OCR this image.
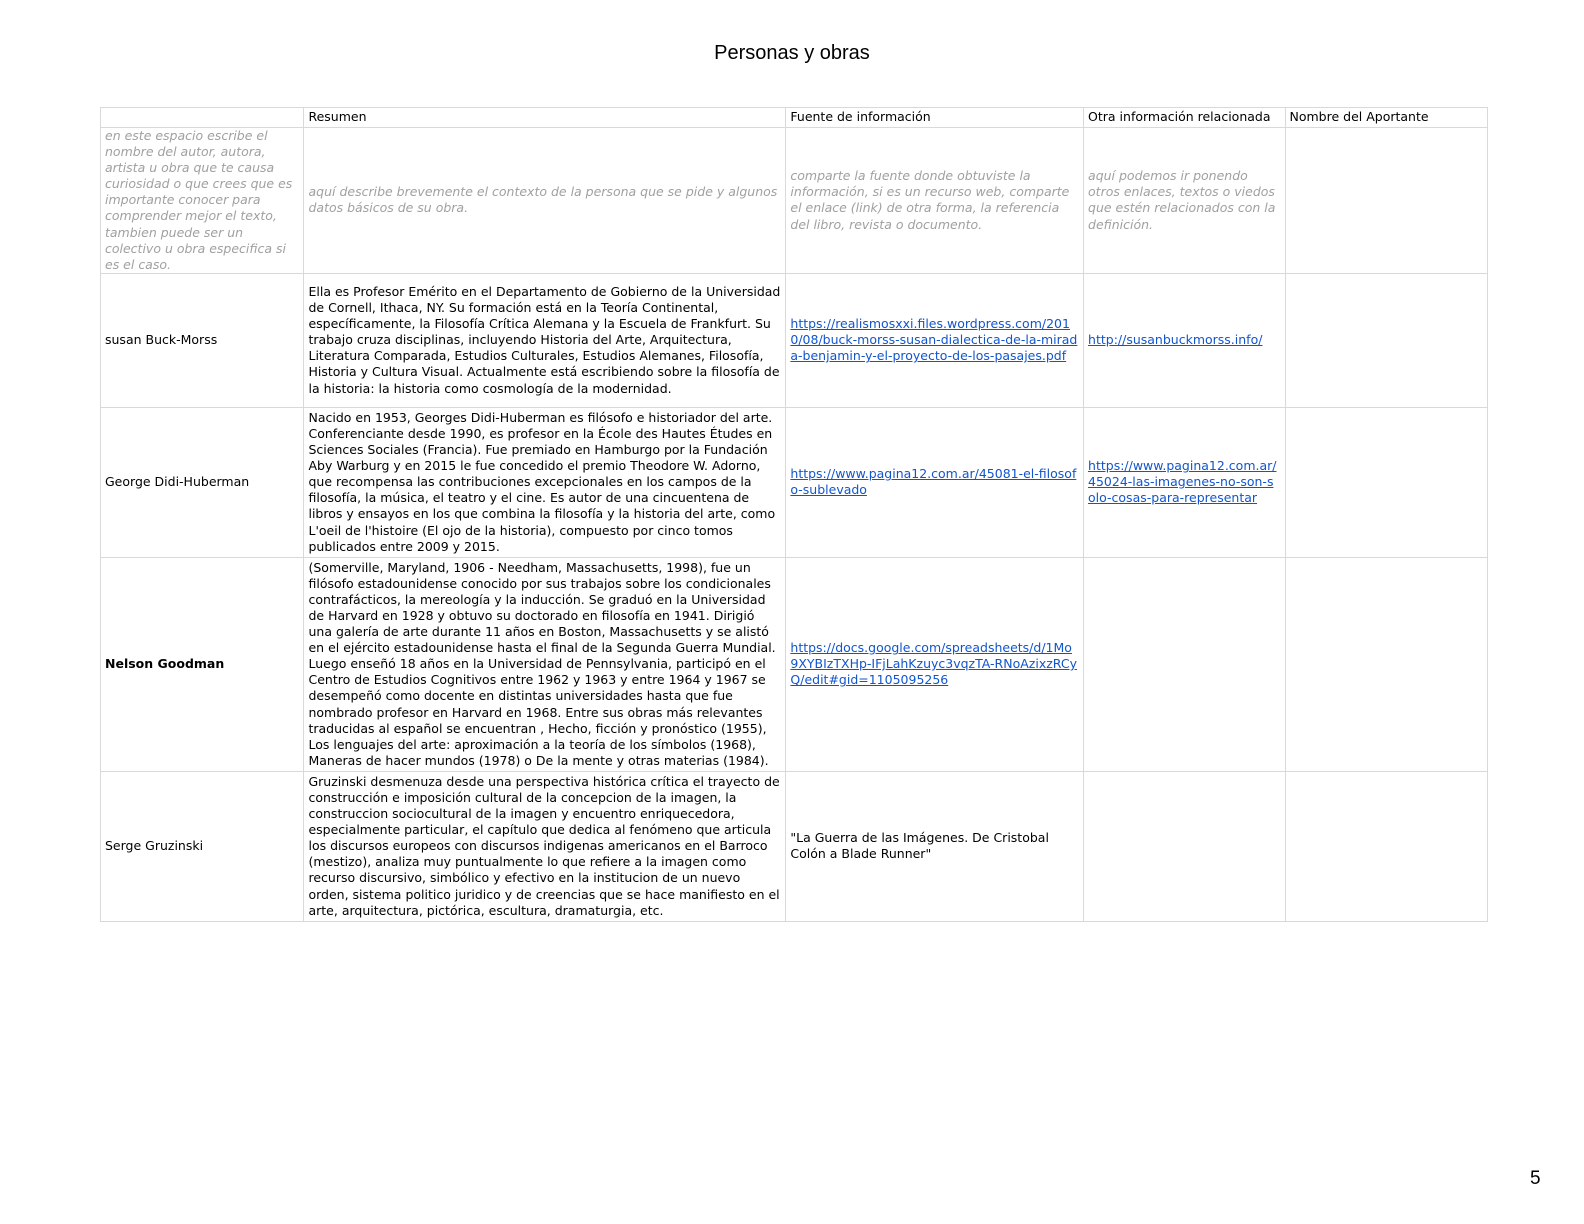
Personas y obras
	Resumen	Fuente de información	Otra información relacionada	Nombre del Aportante
en este espacio escribe el nombre del autor, autora, artista u obra que te causa curiosidad o que crees que es importante conocer para comprender mejor el texto, tambien puede ser un colectivo u obra especifica si es el caso.	aquí describe brevemente el contexto de la persona que se pide y algunos datos básicos de su obra.	comparte la fuente donde obtuviste la información, si es un recurso web, comparte el enlace (link) de otra forma, la referencia del libro, revista o documento.	aquí podemos ir ponendo otros enlaces, textos o viedos que estén relacionados con la definición.	
susan Buck-Morss	Ella es Profesor Emérito en el Departamento de Gobierno de la Universidad de Cornell, Ithaca, NY. Su formación está en la Teoría Continental, específicamente, la Filosofía Crítica Alemana y la Escuela de Frankfurt. Su trabajo cruza disciplinas, incluyendo Historia del Arte, Arquitectura, Literatura Comparada, Estudios Culturales, Estudios Alemanes, Filosofía, Historia y Cultura Visual. Actualmente está escribiendo sobre la filosofía de la historia: la historia como cosmología de la modernidad.	https://realismosxxi.files.wordpress.com/2010/08/buck-morss-susan-dialectica-de-la-mirada-benjamin-y-el-proyecto-de-los-pasajes.pdf	http://susanbuckmorss.info/	
George Didi-Huberman	Nacido en 1953, Georges Didi-Huberman es filósofo e historiador del arte. Conferenciante desde 1990, es profesor en la École des Hautes Études en Sciences Sociales (Francia). Fue premiado en Hamburgo por la Fundación Aby Warburg y en 2015 le fue concedido el premio Theodore W. Adorno, que recompensa las contribuciones excepcionales en los campos de la filosofía, la música, el teatro y el cine. Es autor de una cincuentena de libros y ensayos en los que combina la filosofía y la historia del arte, como L'oeil de l'histoire (El ojo de la historia), compuesto por cinco tomos publicados entre 2009 y 2015.	https://www.pagina12.com.ar/45081-el-filosofo-sublevado	https://www.pagina12.com.ar/45024-las-imagenes-no-son-solo-cosas-para-representar	
Nelson Goodman	(Somerville, Maryland, 1906 - Needham, Massachusetts, 1998), fue un filósofo estadounidense conocido por sus trabajos sobre los condicionales contrafácticos, la mereología y la inducción. Se graduó en la Universidad de Harvard en 1928 y obtuvo su doctorado en filosofía en 1941. Dirigió una galería de arte durante 11 años en Boston, Massachusetts y se alistó en el ejército estadounidense hasta el final de la Segunda Guerra Mundial. Luego enseñó 18 años en la Universidad de Pennsylvania, participó en el Centro de Estudios Cognitivos entre 1962 y 1963 y entre 1964 y 1967 se desempeñó como docente en distintas universidades hasta que fue nombrado profesor en Harvard en 1968. Entre sus obras más relevantes traducidas al español se encuentran , Hecho, ficción y pronóstico (1955), Los lenguajes del arte: aproximación a la teoría de los símbolos (1968), Maneras de hacer mundos (1978) o De la mente y otras materias (1984).	https://docs.google.com/spreadsheets/d/1Mo9XYBIzTXHp-IFjLahKzuyc3vqzTA-RNoAzixzRCyQ/edit#gid=1105095256		
Serge Gruzinski	Gruzinski desmenuza desde una perspectiva histórica crítica el trayecto de construcción e imposición cultural de la concepcion de la imagen, la construccion sociocultural de la imagen y encuentro enriquecedora, especialmente particular, el capítulo que dedica al fenómeno que articula los discursos europeos con discursos indigenas americanos en el Barroco (mestizo), analiza muy puntualmente lo que refiere a la imagen como recurso discursivo, simbólico y efectivo en la institucion de un nuevo orden, sistema politico juridico y de creencias que se hace manifiesto en el arte, arquitectura, pictórica, escultura, dramaturgia, etc.	"La Guerra de las Imágenes. De Cristobal Colón a Blade Runner"		
5
